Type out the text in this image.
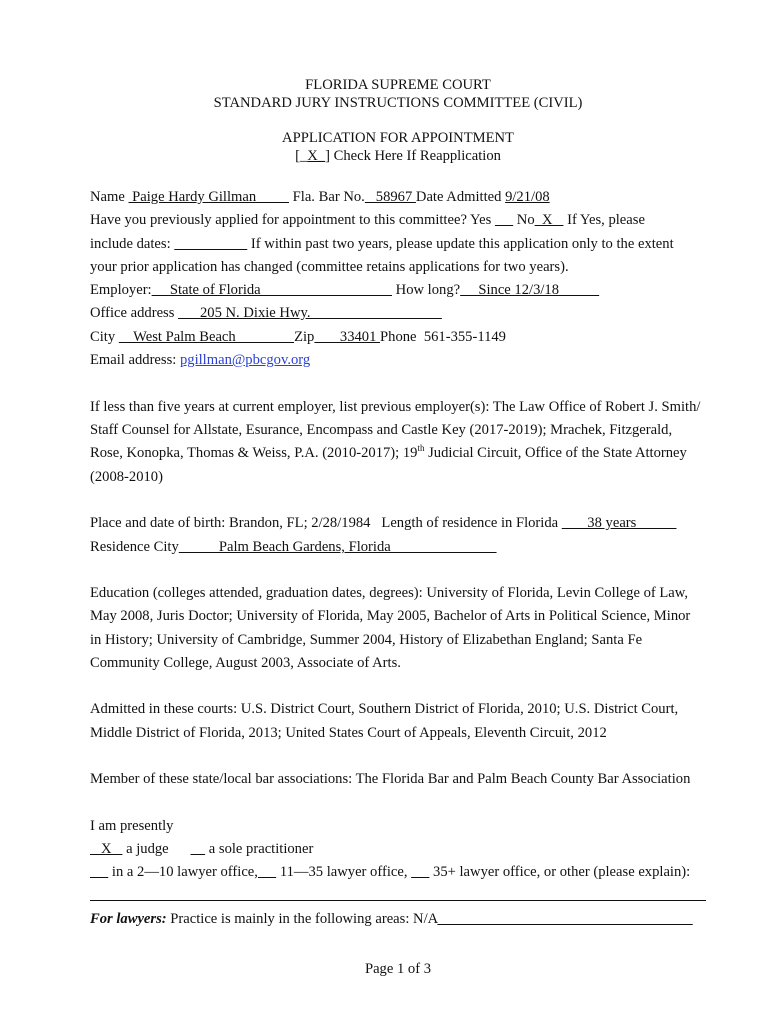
FLORIDA SUPREME COURT
STANDARD JURY INSTRUCTIONS COMMITTEE (CIVIL)
APPLICATION FOR APPOINTMENT
[_X_] Check Here If Reapplication
Name  Paige Hardy Gillman          Fla. Bar No.   58967 Date Admitted 9/21/08
Have you previously applied for appointment to this committee? Yes       No  X    If Yes, please
include dates:	If within past two years, please update this application only to the extent
your prior application has changed (committee retains applications for two years).
Employer:     State of Florida                                     How long?     Since 12/3/18
Office address       205 N. Dixie Hwy.
City     West Palm Beach                Zip       33401 Phone  561-355-1149
Email address: pgillman@pbcgov.org
If less than five years at current employer, list previous employer(s): The Law Office of Robert J. Smith/
Staff Counsel for Allstate, Esurance, Encompass and Castle Key (2017-2019); Mrachek, Fitzgerald,
Rose, Konopka, Thomas & Weiss, P.A. (2010-2017); 19th Judicial Circuit, Office of the State Attorney
(2008-2010)
Place and date of birth: Brandon, FL; 2/28/1984   Length of residence in Florida        38 years
Residence City           Palm Beach Gardens, Florida
Education (colleges attended, graduation dates, degrees): University of Florida, Levin College of Law,
May 2008, Juris Doctor; University of Florida, May 2005, Bachelor of Arts in Political Science, Minor
in History; University of Cambridge, Summer 2004, History of Elizabethan England; Santa Fe
Community College, August 2003, Associate of Arts.
Admitted in these courts: U.S. District Court, Southern District of Florida, 2010; U.S. District Court,
Middle District of Florida, 2013; United States Court of Appeals, Eleventh Circuit, 2012
Member of these state/local bar associations: The Florida Bar and Palm Beach County Bar Association
I am presently
X    a judge           a sole practitioner
in a 2—10 lawyer office,      11—35 lawyer office,       35+ lawyer office, or other (please explain):
For lawyers: Practice is mainly in the following areas: N/A
Page 1 of 3
